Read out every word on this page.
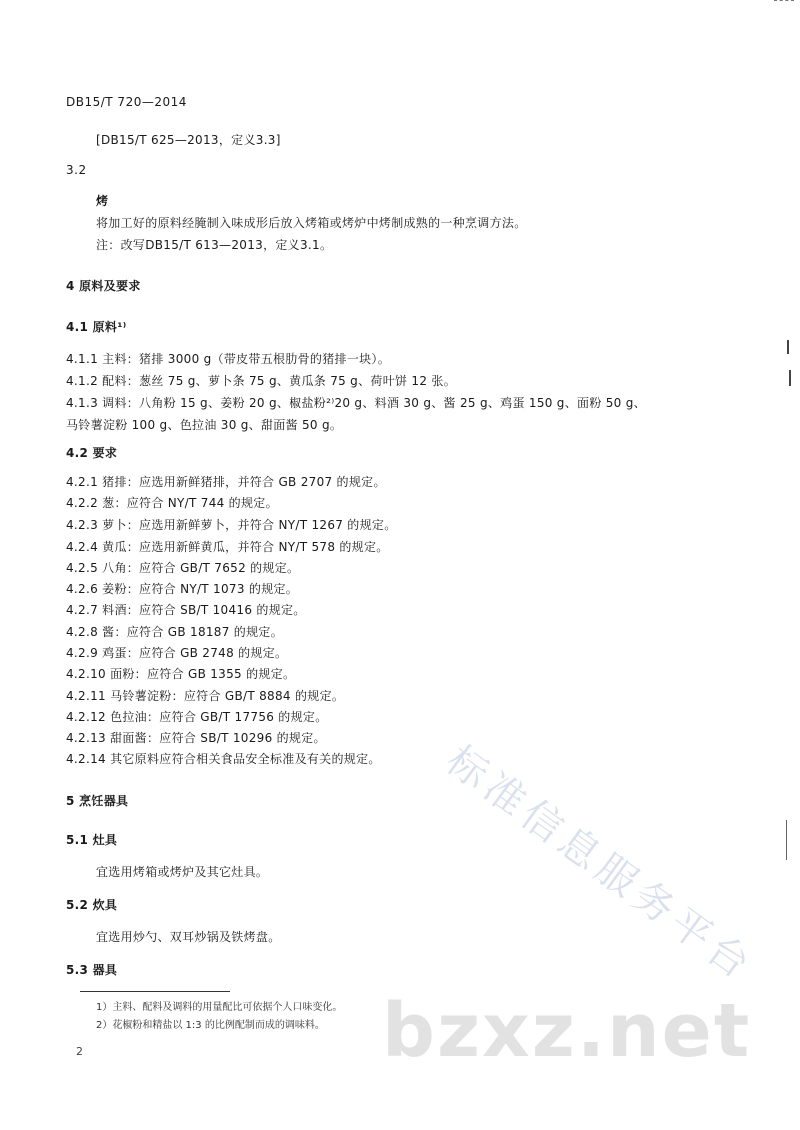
DB15/T 720—2014
[DB15/T 625—2013，定义3.3]
3.2
烤
将加工好的原料经腌制入味成形后放入烤箱或烤炉中烤制成熟的一种烹调方法。
注：改写DB15/T 613—2013，定义3.1。
4 原料及要求
4.1 原料¹⁾
4.1.1 主料：猪排 3000 g（带皮带五根肋骨的猪排一块）。
4.1.2 配料：葱丝 75 g、萝卜条 75 g、黄瓜条 75 g、荷叶饼 12 张。
4.1.3 调料：八角粉 15 g、姜粉 20 g、椒盐粉²⁾20 g、料酒 30 g、酱 25 g、鸡蛋 150 g、面粉 50 g、
马铃薯淀粉 100 g、色拉油 30 g、甜面酱 50 g。
4.2 要求
4.2.1 猪排：应选用新鲜猪排，并符合 GB 2707 的规定。
4.2.2 葱：应符合 NY/T 744 的规定。
4.2.3 萝卜：应选用新鲜萝卜，并符合 NY/T 1267 的规定。
4.2.4 黄瓜：应选用新鲜黄瓜，并符合 NY/T 578 的规定。
4.2.5 八角：应符合 GB/T 7652 的规定。
4.2.6 姜粉：应符合 NY/T 1073 的规定。
4.2.7 料酒：应符合 SB/T 10416 的规定。
4.2.8 酱：应符合 GB 18187 的规定。
4.2.9 鸡蛋：应符合 GB 2748 的规定。
4.2.10 面粉：应符合 GB 1355 的规定。
4.2.11 马铃薯淀粉：应符合 GB/T 8884 的规定。
4.2.12 色拉油：应符合 GB/T 17756 的规定。
4.2.13 甜面酱：应符合 SB/T 10296 的规定。
4.2.14 其它原料应符合相关食品安全标准及有关的规定。
5 烹饪器具
5.1 灶具
宜选用烤箱或烤炉及其它灶具。
5.2 炊具
宜选用炒勺、双耳炒锅及铁烤盘。
5.3 器具
1）主料、配料及调料的用量配比可依据个人口味变化。
2）花椒粉和精盐以 1:3 的比例配制而成的调味料。
2
标准信息服务平台
bzxz.net
